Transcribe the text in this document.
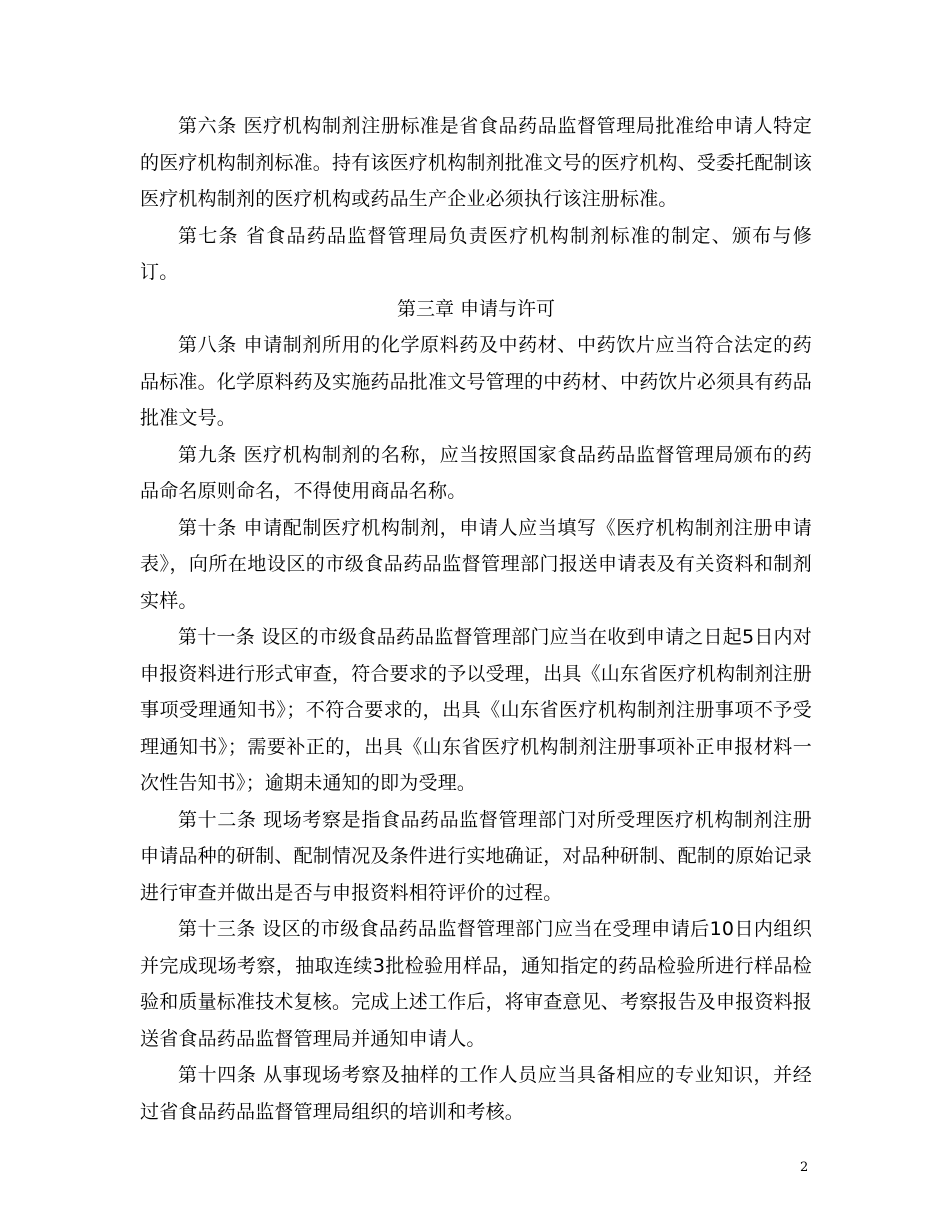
第六条 医疗机构制剂注册标准是省食品药品监督管理局批准给申请人特定的医疗机构制剂标准。持有该医疗机构制剂批准文号的医疗机构、受委托配制该医疗机构制剂的医疗机构或药品生产企业必须执行该注册标准。

第七条 省食品药品监督管理局负责医疗机构制剂标准的制定、颁布与修订。

第三章 申请与许可

第八条 申请制剂所用的化学原料药及中药材、中药饮片应当符合法定的药品标准。化学原料药及实施药品批准文号管理的中药材、中药饮片必须具有药品批准文号。

第九条 医疗机构制剂的名称，应当按照国家食品药品监督管理局颁布的药品命名原则命名，不得使用商品名称。

第十条 申请配制医疗机构制剂，申请人应当填写《医疗机构制剂注册申请表》，向所在地设区的市级食品药品监督管理部门报送申请表及有关资料和制剂实样。

第十一条 设区的市级食品药品监督管理部门应当在收到申请之日起5日内对申报资料进行形式审查，符合要求的予以受理，出具《山东省医疗机构制剂注册事项受理通知书》；不符合要求的，出具《山东省医疗机构制剂注册事项不予受理通知书》；需要补正的，出具《山东省医疗机构制剂注册事项补正申报材料一次性告知书》；逾期未通知的即为受理。

第十二条 现场考察是指食品药品监督管理部门对所受理医疗机构制剂注册申请品种的研制、配制情况及条件进行实地确证，对品种研制、配制的原始记录进行审查并做出是否与申报资料相符评价的过程。

第十三条 设区的市级食品药品监督管理部门应当在受理申请后10日内组织并完成现场考察，抽取连续3批检验用样品，通知指定的药品检验所进行样品检验和质量标准技术复核。完成上述工作后，将审查意见、考察报告及申报资料报送省食品药品监督管理局并通知申请人。

第十四条 从事现场考察及抽样的工作人员应当具备相应的专业知识，并经过省食品药品监督管理局组织的培训和考核。

2
